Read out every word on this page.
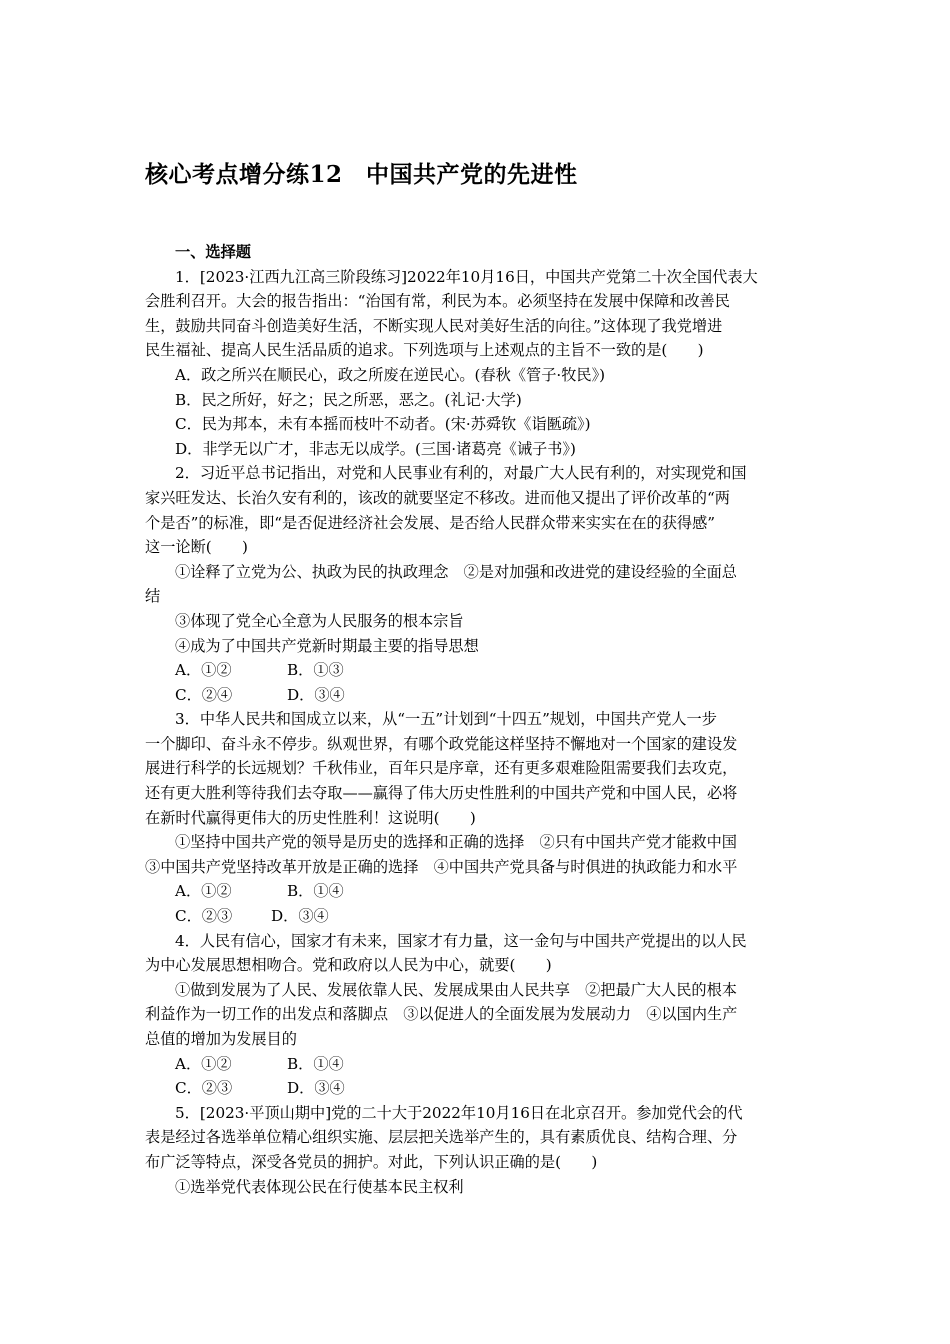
核心考点增分练12　中国共产党的先进性
一、选择题
1．[2023·江西九江高三阶段练习]2022年10月16日，中国共产党第二十次全国代表大
会胜利召开。大会的报告指出：“治国有常，利民为本。必须坚持在发展中保障和改善民
生，鼓励共同奋斗创造美好生活，不断实现人民对美好生活的向往。”这体现了我党增进
民生福祉、提高人民生活品质的追求。下列选项与上述观点的主旨不一致的是(　　)
A．政之所兴在顺民心，政之所废在逆民心。(春秋《管子·牧民》)
B．民之所好，好之；民之所恶，恶之。(礼记·大学)
C．民为邦本，未有本摇而枝叶不动者。(宋·苏舜钦《诣匦疏》)
D．非学无以广才，非志无以成学。(三国·诸葛亮《诫子书》)
2．习近平总书记指出，对党和人民事业有利的，对最广大人民有利的，对实现党和国
家兴旺发达、长治久安有利的，该改的就要坚定不移改。进而他又提出了评价改革的“两
个是否”的标准，即“是否促进经济社会发展、是否给人民群众带来实实在在的获得感”
这一论断(　　)
①诠释了立党为公、执政为民的执政理念　②是对加强和改进党的建设经验的全面总
结
③体现了党全心全意为人民服务的根本宗旨
④成为了中国共产党新时期最主要的指导思想
A．①②	B．①③
C．②④	D．③④
3．中华人民共和国成立以来，从“一五”计划到“十四五”规划，中国共产党人一步
一个脚印、奋斗永不停步。纵观世界，有哪个政党能这样坚持不懈地对一个国家的建设发
展进行科学的长远规划？千秋伟业，百年只是序章，还有更多艰难险阻需要我们去攻克，
还有更大胜利等待我们去夺取——赢得了伟大历史性胜利的中国共产党和中国人民，必将
在新时代赢得更伟大的历史性胜利！这说明(　　)
①坚持中国共产党的领导是历史的选择和正确的选择　②只有中国共产党才能救中国
③中国共产党坚持改革开放是正确的选择　④中国共产党具备与时俱进的执政能力和水平
A．①②	B．①④
C．②③	D．③④
4．人民有信心，国家才有未来，国家才有力量，这一金句与中国共产党提出的以人民
为中心发展思想相吻合。党和政府以人民为中心，就要(　　)
①做到发展为了人民、发展依靠人民、发展成果由人民共享　②把最广大人民的根本
利益作为一切工作的出发点和落脚点　③以促进人的全面发展为发展动力　④以国内生产
总值的增加为发展目的
A．①②	B．①④
C．②③	D．③④
5．[2023·平顶山期中]党的二十大于2022年10月16日在北京召开。参加党代会的代
表是经过各选举单位精心组织实施、层层把关选举产生的，具有素质优良、结构合理、分
布广泛等特点，深受各党员的拥护。对此，下列认识正确的是(　　)
①选举党代表体现公民在行使基本民主权利
